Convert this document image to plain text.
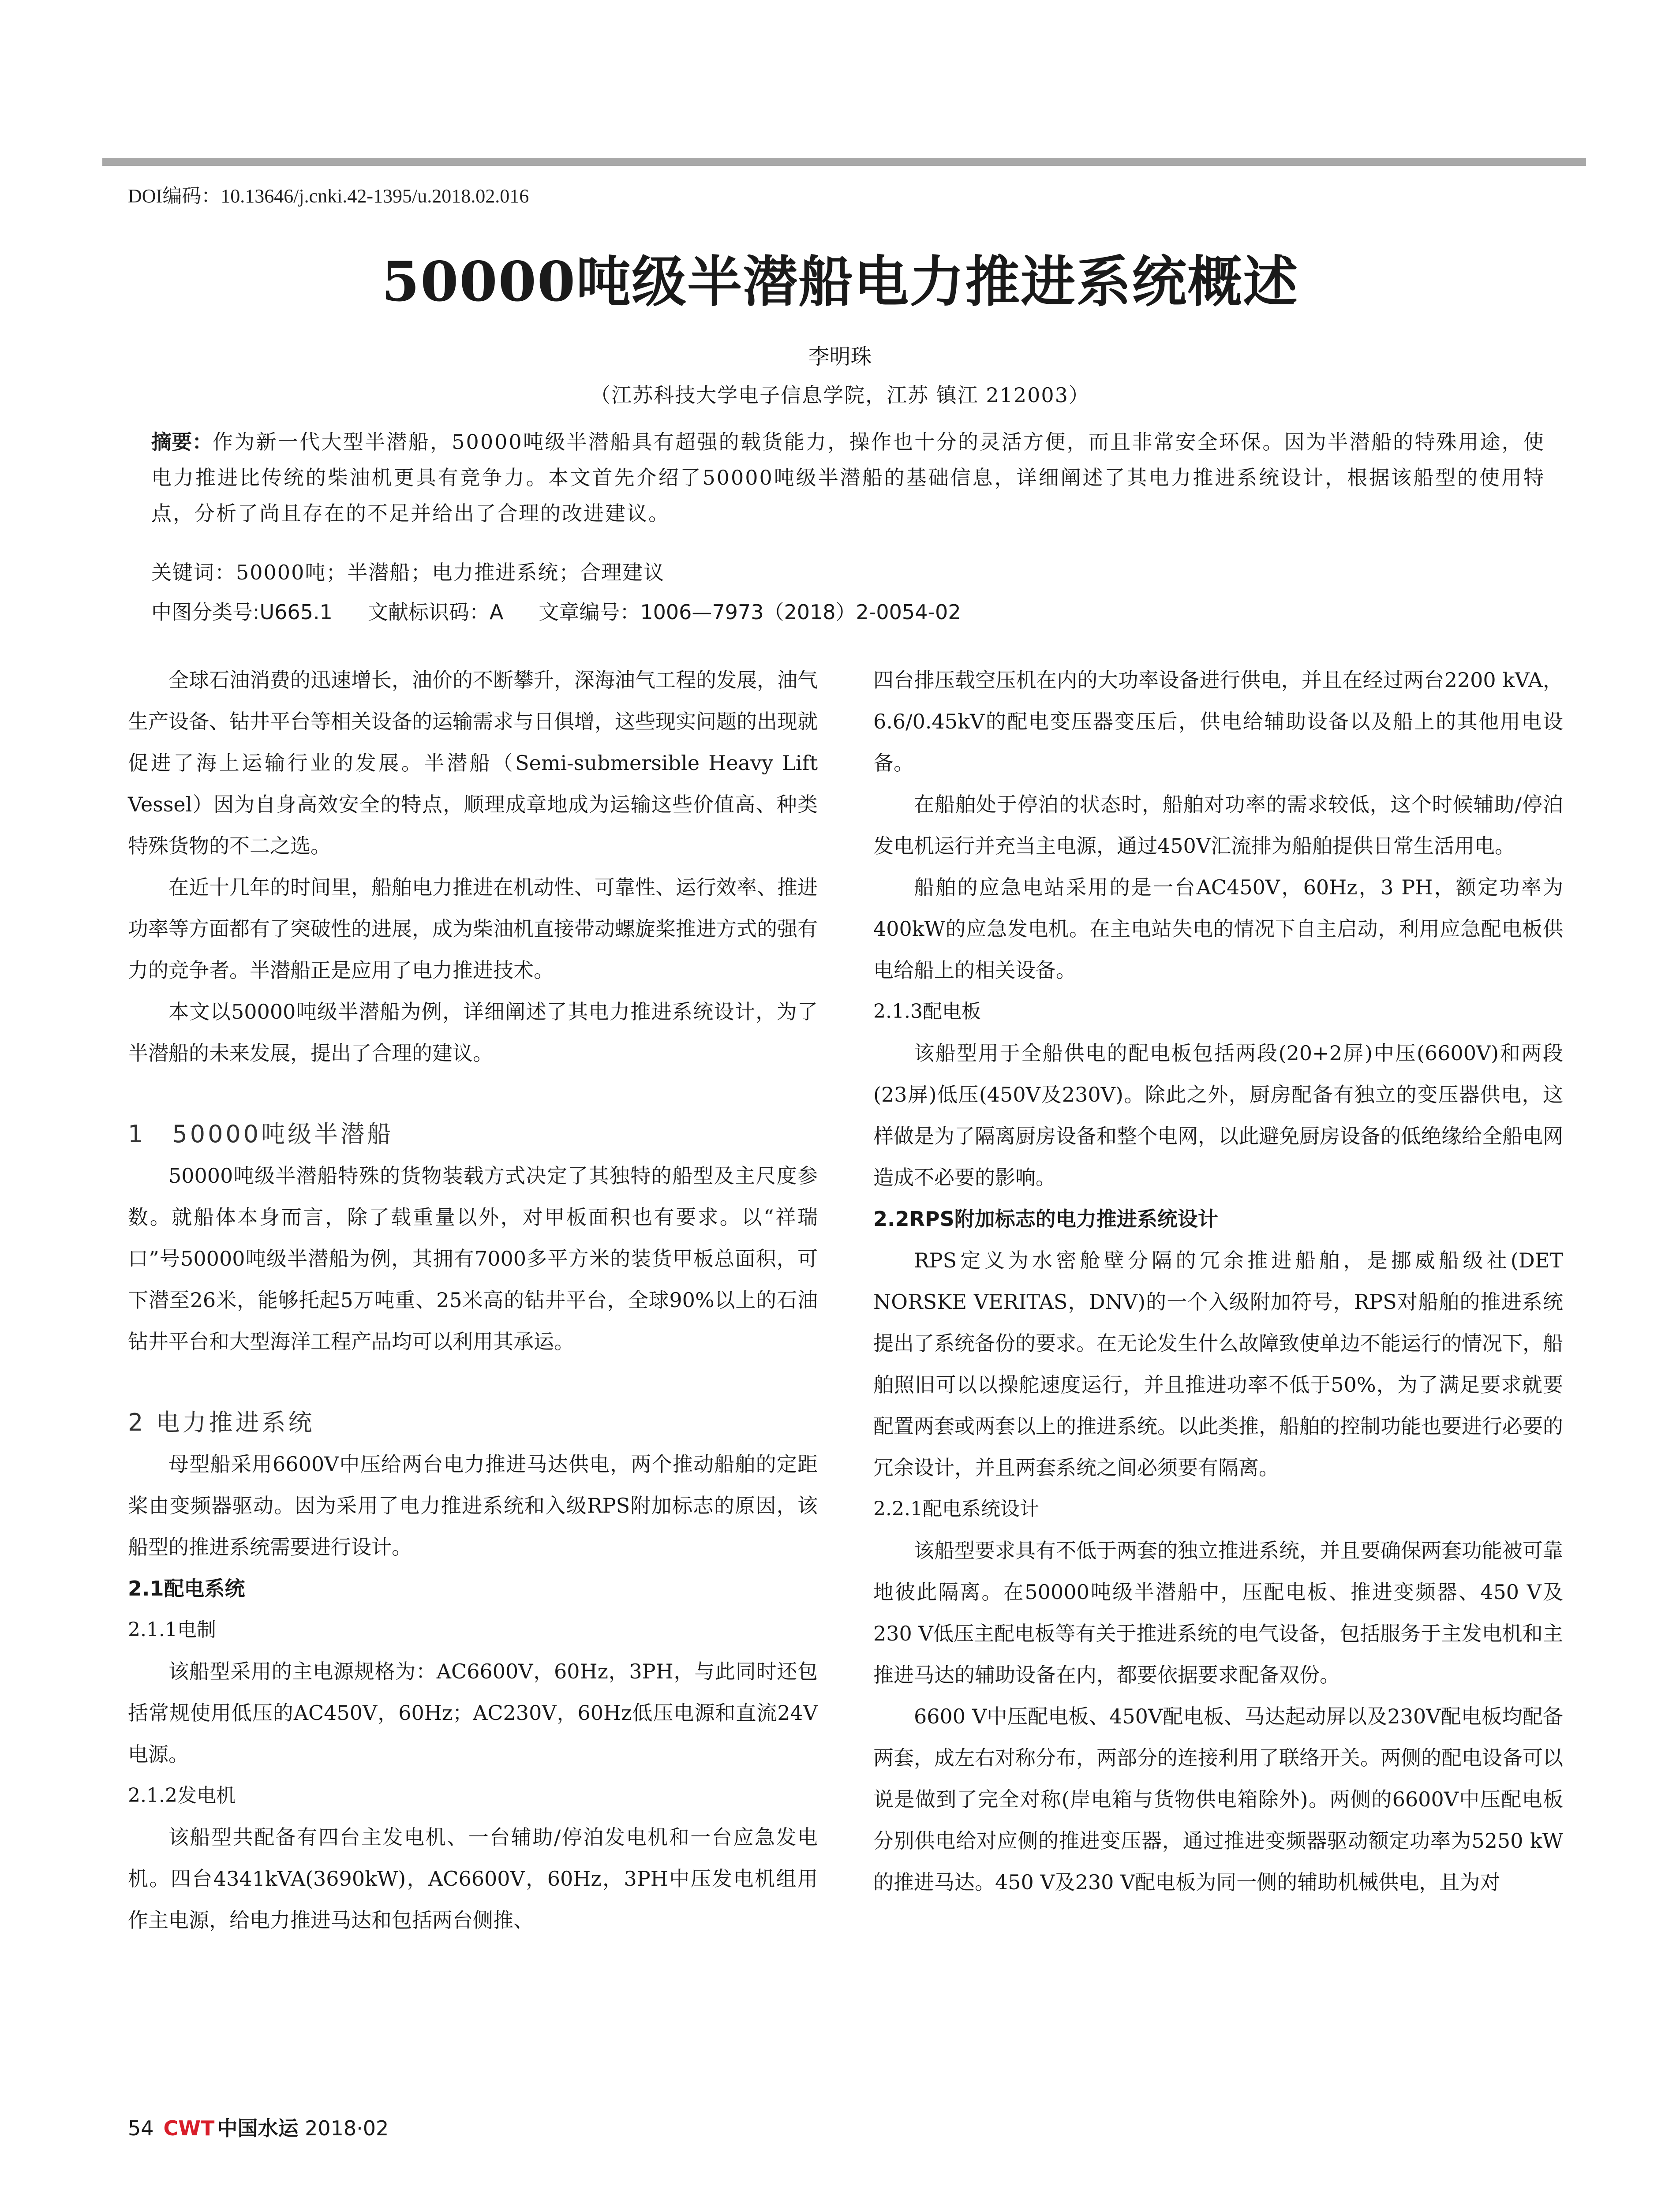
DOI编码：10.13646/j.cnki.42-1395/u.2018.02.016
50000吨级半潜船电力推进系统概述
李明珠
（江苏科技大学电子信息学院，江苏 镇江 212003）
摘要：作为新一代大型半潜船，50000吨级半潜船具有超强的载货能力，操作也十分的灵活方便，而且非常安全环保。因为半潜船的特殊用途，使电力推进比传统的柴油机更具有竞争力。本文首先介绍了50000吨级半潜船的基础信息，详细阐述了其电力推进系统设计，根据该船型的使用特点，分析了尚且存在的不足并给出了合理的改进建议。
关键词：50000吨；半潜船；电力推进系统；合理建议
中图分类号:U665.1 文献标识码：A 文章编号：1006—7973（2018）2-0054-02

全球石油消费的迅速增长，油价的不断攀升，深海油气工程的发展，油气生产设备、钻井平台等相关设备的运输需求与日俱增，这些现实问题的出现就促进了海上运输行业的发展。半潜船（Semi-submersible Heavy Lift Vessel）因为自身高效安全的特点，顺理成章地成为运输这些价值高、种类特殊货物的不二之选。

在近十几年的时间里，船舶电力推进在机动性、可靠性、运行效率、推进功率等方面都有了突破性的进展，成为柴油机直接带动螺旋桨推进方式的强有力的竞争者。半潜船正是应用了电力推进技术。

本文以50000吨级半潜船为例，详细阐述了其电力推进系统设计，为了半潜船的未来发展，提出了合理的建议。

1　50000吨级半潜船

50000吨级半潜船特殊的货物装载方式决定了其独特的船型及主尺度参数。就船体本身而言，除了载重量以外，对甲板面积也有要求。以“祥瑞口”号50000吨级半潜船为例，其拥有7000多平方米的装货甲板总面积，可下潜至26米，能够托起5万吨重、25米高的钻井平台，全球90%以上的石油钻井平台和大型海洋工程产品均可以利用其承运。

2 电力推进系统

母型船采用6600V中压给两台电力推进马达供电，两个推动船舶的定距桨由变频器驱动。因为采用了电力推进系统和入级RPS附加标志的原因，该船型的推进系统需要进行设计。

2.1配电系统
2.1.1电制

该船型采用的主电源规格为：AC6600V，60Hz，3PH，与此同时还包括常规使用低压的AC450V，60Hz；AC230V，60Hz低压电源和直流24V电源。

2.1.2发电机

该船型共配备有四台主发电机、一台辅助/停泊发电机和一台应急发电机。四台4341kVA(3690kW)，AC6600V，60Hz，3PH中压发电机组用作主电源，给电力推进马达和包括两台侧推、

四台排压载空压机在内的大功率设备进行供电，并且在经过两台2200 kVA，6.6/0.45kV的配电变压器变压后，供电给辅助设备以及船上的其他用电设备。

在船舶处于停泊的状态时，船舶对功率的需求较低，这个时候辅助/停泊发电机运行并充当主电源，通过450V汇流排为船舶提供日常生活用电。

船舶的应急电站采用的是一台AC450V，60Hz，3 PH，额定功率为400kW的应急发电机。在主电站失电的情况下自主启动，利用应急配电板供电给船上的相关设备。

2.1.3配电板

该船型用于全船供电的配电板包括两段(20+2屏)中压(6600V)和两段(23屏)低压(450V及230V)。除此之外，厨房配备有独立的变压器供电，这样做是为了隔离厨房设备和整个电网，以此避免厨房设备的低绝缘给全船电网造成不必要的影响。

2.2RPS附加标志的电力推进系统设计

RPS定义为水密舱壁分隔的冗余推进船舶，是挪威船级社(DET NORSKE VERITAS，DNV)的一个入级附加符号，RPS对船舶的推进系统提出了系统备份的要求。在无论发生什么故障致使单边不能运行的情况下，船舶照旧可以以操舵速度运行，并且推进功率不低于50%，为了满足要求就要配置两套或两套以上的推进系统。以此类推，船舶的控制功能也要进行必要的冗余设计，并且两套系统之间必须要有隔离。

2.2.1配电系统设计

该船型要求具有不低于两套的独立推进系统，并且要确保两套功能被可靠地彼此隔离。在50000吨级半潜船中，压配电板、推进变频器、450 V及230 V低压主配电板等有关于推进系统的电气设备，包括服务于主发电机和主推进马达的辅助设备在内，都要依据要求配备双份。

6600 V中压配电板、450V配电板、马达起动屏以及230V配电板均配备两套，成左右对称分布，两部分的连接利用了联络开关。两侧的配电设备可以说是做到了完全对称(岸电箱与货物供电箱除外)。两侧的6600V中压配电板分别供电给对应侧的推进变压器，通过推进变频器驱动额定功率为5250 kW的推进马达。450 V及230 V配电板为同一侧的辅助机械供电，且为对

54 CWT 中国水运 2018·02
